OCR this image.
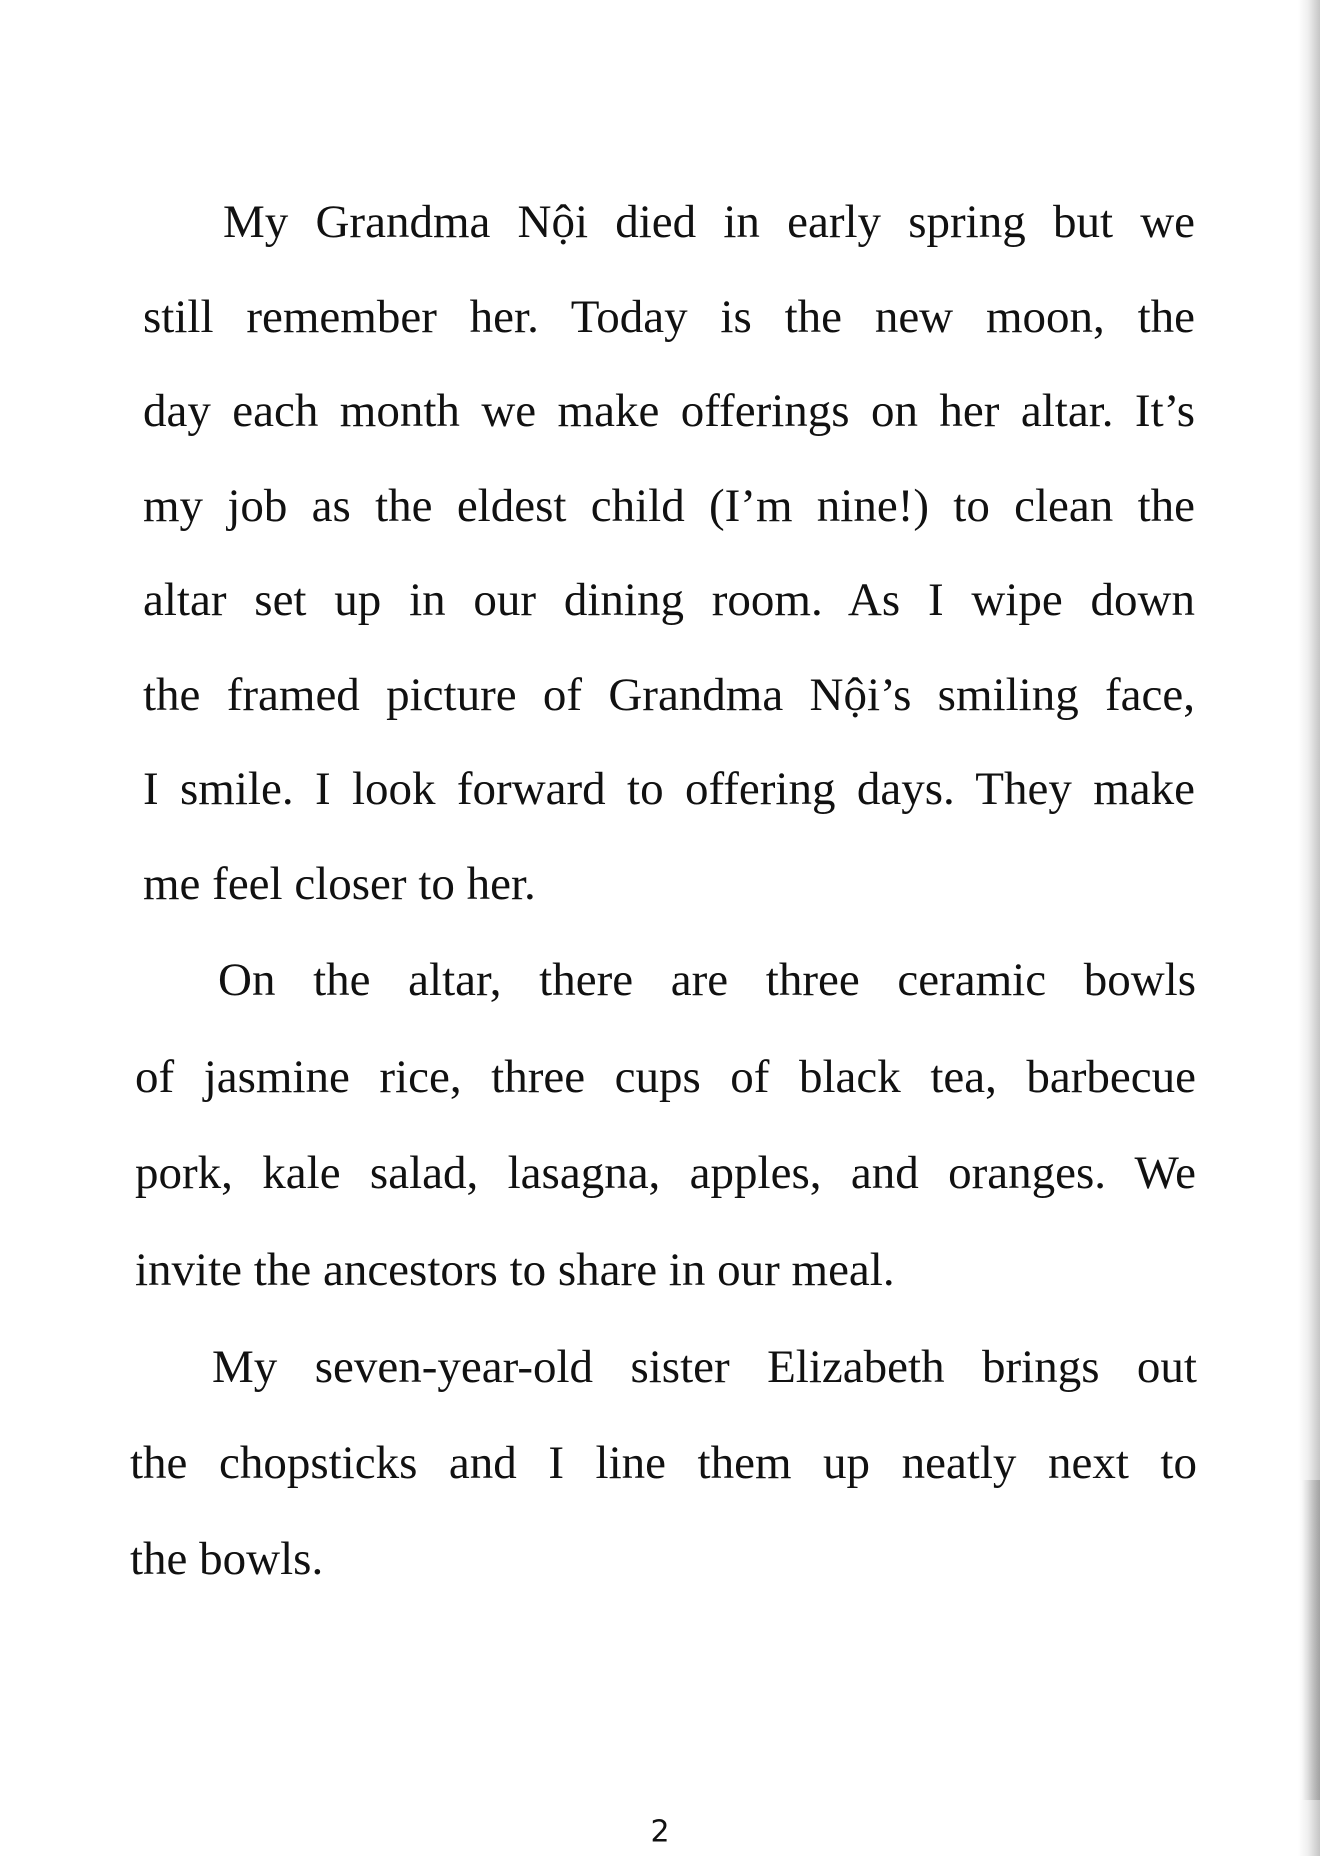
My Grandma Nội died in early spring but we
still remember her. Today is the new moon, the
day each month we make offerings on her altar. It’s
my job as the eldest child (I’m nine!) to clean the
altar set up in our dining room. As I wipe down
the framed picture of Grandma Nội’s smiling face,
I smile. I look forward to offering days. They make
me feel closer to her.
On the altar, there are three ceramic bowls
of jasmine rice, three cups of black tea, barbecue
pork, kale salad, lasagna, apples, and oranges. We
invite the ancestors to share in our meal.
My seven-year-old sister Elizabeth brings out
the chopsticks and I line them up neatly next to
the bowls.
2
